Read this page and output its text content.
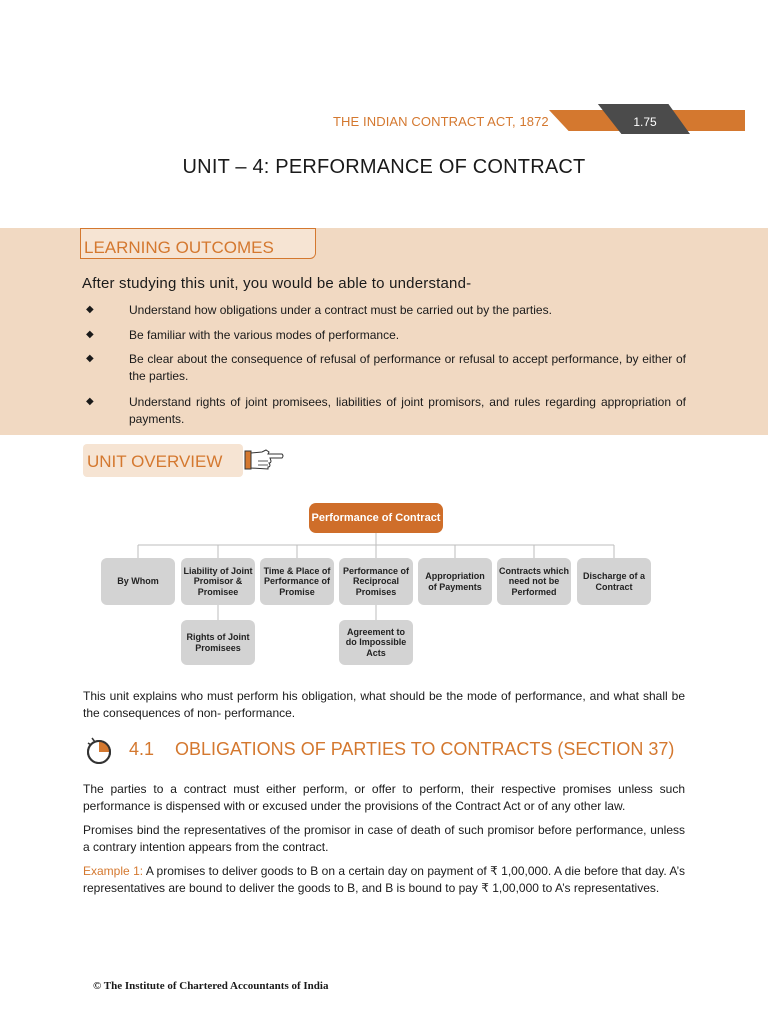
THE INDIAN CONTRACT ACT, 1872	1.75
UNIT – 4: PERFORMANCE OF CONTRACT
LEARNING OUTCOMES
After studying this unit, you would be able to understand-
◆	Understand how obligations under a contract must be carried out by the parties.
◆	Be familiar with the various modes of performance.
◆	Be clear about the consequence of refusal of performance or refusal to accept performance, by either of the parties.
◆	Understand rights of joint promisees, liabilities of joint promisors, and rules regarding appropriation of payments.
UNIT OVERVIEW
Performance of Contract
By Whom
Liability of Joint Promisor & Promisee
Time & Place of Performance of Promise
Performance of Reciprocal Promises
Appropriation of Payments
Contracts which need not be Performed
Discharge of a Contract
Rights of Joint Promisees
Agreement to do Impossible Acts
This unit explains who must perform his obligation, what should be the mode of performance, and what shall be the consequences of non- performance.
4.1 OBLIGATIONS OF PARTIES TO CONTRACTS (SECTION 37)
The parties to a contract must either perform, or offer to perform, their respective promises unless such performance is dispensed with or excused under the provisions of the Contract Act or of any other law.
Promises bind the representatives of the promisor in case of death of such promisor before performance, unless a contrary intention appears from the contract.
Example 1: A promises to deliver goods to B on a certain day on payment of ₹ 1,00,000. A die before that day. A’s representatives are bound to deliver the goods to B, and B is bound to pay ₹ 1,00,000 to A’s representatives.
© The Institute of Chartered Accountants of India
